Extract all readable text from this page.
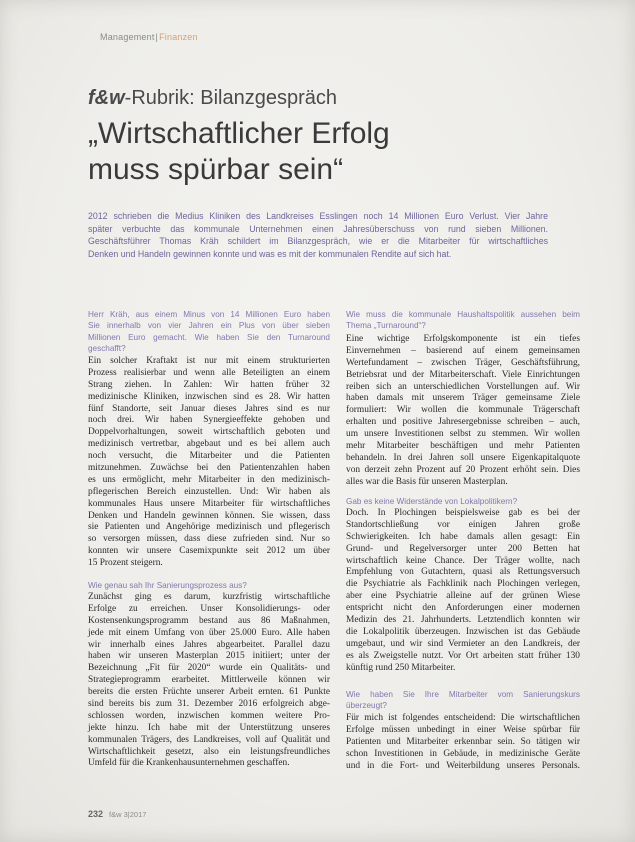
Management|Finanzen
f&w-Rubrik: Bilanzgespräch
„Wirtschaftlicher Erfolg
muss spürbar sein“
2012 schrieben die Medius Kliniken des Landkreises Esslingen noch 14 Millionen Euro Verlust. Vier Jahre
später verbuchte das kommunale Unternehmen einen Jahresüberschuss von rund sieben Millionen.
Geschäftsführer Thomas Kräh schildert im Bilanzgespräch, wie er die Mitarbeiter für wirtschaftliches
Denken und Handeln gewinnen konnte und was es mit der kommunalen Rendite auf sich hat.
Herr Kräh, aus einem Minus von 14 Millionen Euro haben
Sie innerhalb von vier Jahren ein Plus von über sieben
Millionen Euro gemacht. Wie haben Sie den Turnaround
geschafft?
Ein solcher Kraftakt ist nur mit einem strukturierten
Prozess realisierbar und wenn alle Beteiligten an einem
Strang ziehen. In Zahlen: Wir hatten früher 32
medizinische Kliniken, inzwischen sind es 28. Wir hatten
fünf Standorte, seit Januar dieses Jahres sind es nur
noch drei. Wir haben Synergieeffekte gehoben und
Doppelvorhaltungen, soweit wirtschaftlich geboten und
medizinisch vertretbar, abgebaut und es bei allem auch
noch versucht, die Mitarbeiter und die Patienten
mitzunehmen. Zuwächse bei den Patientenzahlen haben
es uns ermöglicht, mehr Mitarbeiter in den medizinisch-
pflegerischen Bereich einzustellen. Und: Wir haben als
kommunales Haus unsere Mitarbeiter für wirtschaftliches
Denken und Handeln gewinnen können. Sie wissen, dass
sie Patienten und Angehörige medizinisch und pflegerisch
so versorgen müssen, dass diese zufrieden sind. Nur so
konnten wir unsere Casemixpunkte seit 2012 um über
15 Prozent steigern.
Wie genau sah Ihr Sanierungsprozess aus?
Zunächst ging es darum, kurzfristig wirtschaftliche
Erfolge zu erreichen. Unser Konsolidierungs- oder
Kostensenkungsprogramm bestand aus 86 Maßnahmen,
jede mit einem Umfang von über 25.000 Euro. Alle haben
wir innerhalb eines Jahres abgearbeitet. Parallel dazu
haben wir unseren Masterplan 2015 initiiert; unter der
Bezeichnung „Fit für 2020“ wurde ein Qualitäts- und
Strategieprogramm erarbeitet. Mittlerweile können wir
bereits die ersten Früchte unserer Arbeit ernten. 61 Punkte
sind bereits bis zum 31. Dezember 2016 erfolgreich abge-
schlossen worden, inzwischen kommen weitere Pro-
jekte hinzu. Ich habe mit der Unterstützung unseres
kommunalen Trägers, des Landkreises, voll auf Qualität und
Wirtschaftlichkeit gesetzt, also ein leistungsfreundliches
Umfeld für die Krankenhausunternehmen geschaffen.
Wie muss die kommunale Haushaltspolitik aussehen beim
Thema „Turnaround“?
Eine wichtige Erfolgskomponente ist ein tiefes
Einvernehmen – basierend auf einem gemeinsamen
Wertefundament – zwischen Träger, Geschäftsführung,
Betriebsrat und der Mitarbeiterschaft. Viele Einrichtungen
reiben sich an unterschiedlichen Vorstellungen auf. Wir
haben damals mit unserem Träger gemeinsame Ziele
formuliert: Wir wollen die kommunale Trägerschaft
erhalten und positive Jahresergebnisse schreiben – auch,
um unsere Investitionen selbst zu stemmen. Wir wollen
mehr Mitarbeiter beschäftigen und mehr Patienten
behandeln. In drei Jahren soll unsere Eigenkapitalquote
von derzeit zehn Prozent auf 20 Prozent erhöht sein. Dies
alles war die Basis für unseren Masterplan.
Gab es keine Widerstände von Lokalpolitikern?
Doch. In Plochingen beispielsweise gab es bei der
Standortschließung vor einigen Jahren große
Schwierigkeiten. Ich habe damals allen gesagt: Ein
Grund- und Regelversorger unter 200 Betten hat
wirtschaftlich keine Chance. Der Träger wollte, nach
Empfehlung von Gutachtern, quasi als Rettungsversuch
die Psychiatrie als Fachklinik nach Plochingen verlegen,
aber eine Psychiatrie alleine auf der grünen Wiese
entspricht nicht den Anforderungen einer modernen
Medizin des 21. Jahrhunderts. Letztendlich konnten wir
die Lokalpolitik überzeugen. Inzwischen ist das Gebäude
umgebaut, und wir sind Vermieter an den Landkreis, der
es als Zweigstelle nutzt. Vor Ort arbeiten statt früher 130
künftig rund 250 Mitarbeiter.
Wie haben Sie Ihre Mitarbeiter vom Sanierungskurs
überzeugt?
Für mich ist folgendes entscheidend: Die wirtschaftlichen
Erfolge müssen unbedingt in einer Weise spürbar für
Patienten und Mitarbeiter erkennbar sein. So tätigen wir
schon Investitionen in Gebäude, in medizinische Geräte
und in die Fort- und Weiterbildung unseres Personals.
232 f&w 3|2017
